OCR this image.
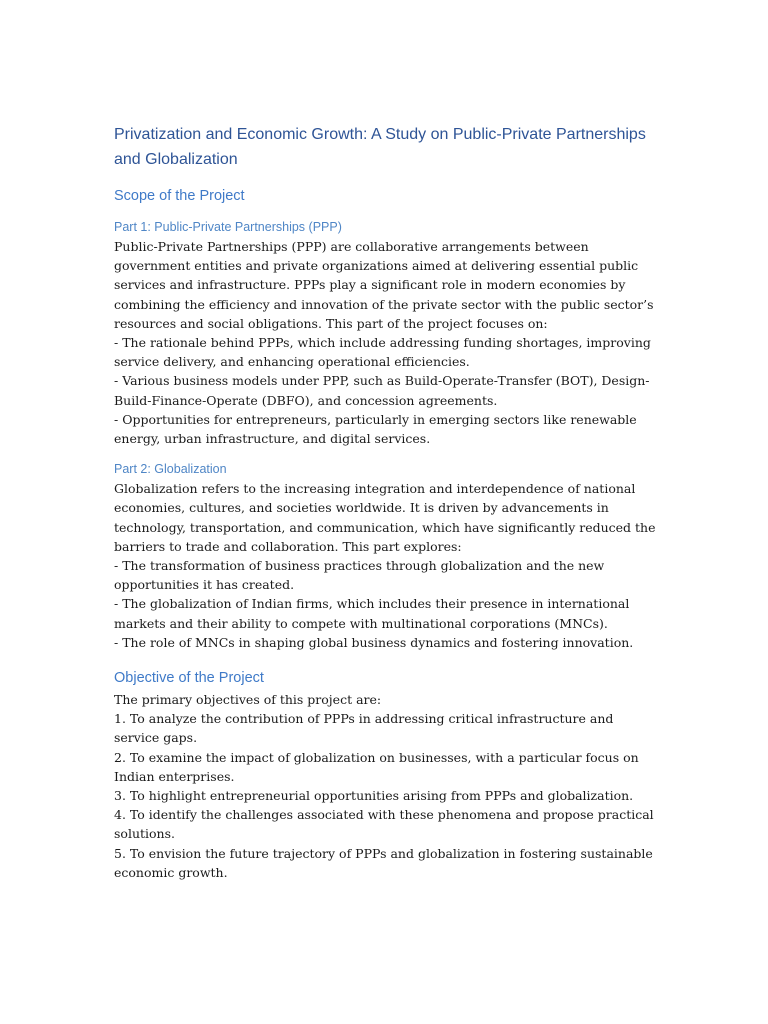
Privatization and Economic Growth: A Study on Public-Private Partnerships and Globalization
Scope of the Project
Part 1: Public-Private Partnerships (PPP)
Public-Private Partnerships (PPP) are collaborative arrangements between government entities and private organizations aimed at delivering essential public services and infrastructure. PPPs play a significant role in modern economies by combining the efficiency and innovation of the private sector with the public sector’s resources and social obligations. This part of the project focuses on:
- The rationale behind PPPs, which include addressing funding shortages, improving service delivery, and enhancing operational efficiencies.
- Various business models under PPP, such as Build-Operate-Transfer (BOT), Design-Build-Finance-Operate (DBFO), and concession agreements.
- Opportunities for entrepreneurs, particularly in emerging sectors like renewable energy, urban infrastructure, and digital services.
Part 2: Globalization
Globalization refers to the increasing integration and interdependence of national economies, cultures, and societies worldwide. It is driven by advancements in technology, transportation, and communication, which have significantly reduced the barriers to trade and collaboration. This part explores:
- The transformation of business practices through globalization and the new opportunities it has created.
- The globalization of Indian firms, which includes their presence in international markets and their ability to compete with multinational corporations (MNCs).
- The role of MNCs in shaping global business dynamics and fostering innovation.
Objective of the Project
The primary objectives of this project are:
1. To analyze the contribution of PPPs in addressing critical infrastructure and service gaps.
2. To examine the impact of globalization on businesses, with a particular focus on Indian enterprises.
3. To highlight entrepreneurial opportunities arising from PPPs and globalization.
4. To identify the challenges associated with these phenomena and propose practical solutions.
5. To envision the future trajectory of PPPs and globalization in fostering sustainable economic growth.
